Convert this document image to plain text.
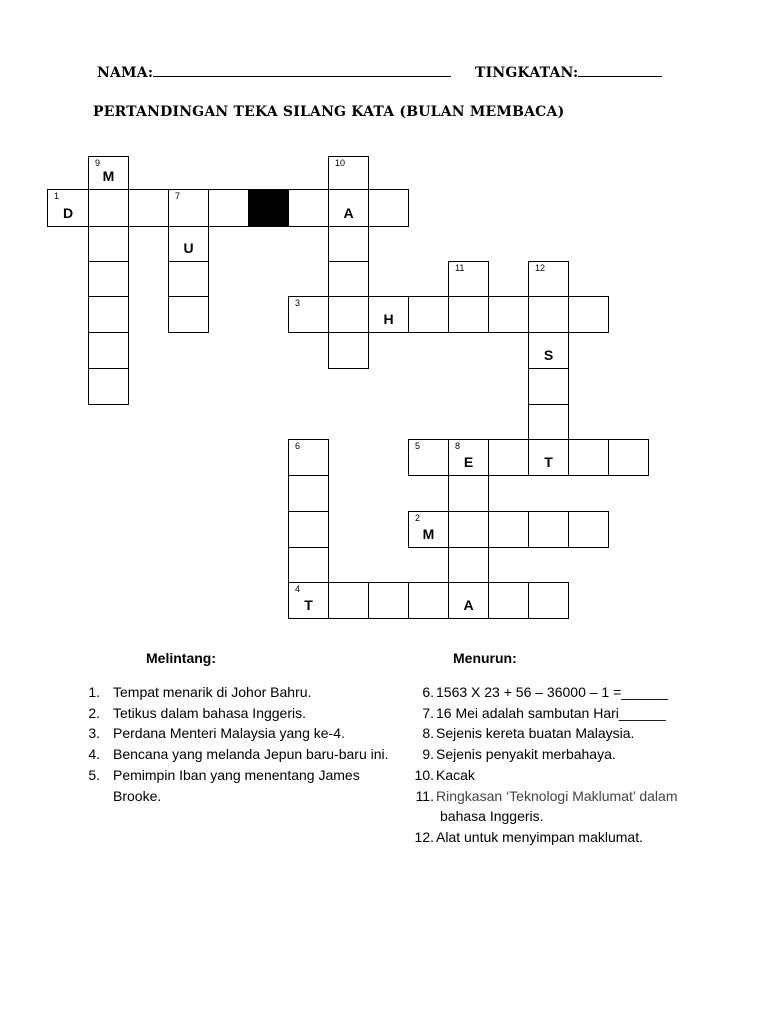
NAMA:	TINGKATAN:
PERTANDINGAN TEKA SILANG KATA (BULAN MEMBACA)
1
D
7
A
3
H
5	8
E	T
2
M
4
T	A
9
M
U
10
11	12
S
6
Melintang:	Menurun:
1. Tempat menarik di Johor Bahru.
2. Tetikus dalam bahasa Inggeris.
3. Perdana Menteri Malaysia yang ke-4.
4. Bencana yang melanda Jepun baru-baru ini.
5. Pemimpin Iban yang menentang James
Brooke.
6. 1563 X 23 + 56 – 36000 – 1 =______
7. 16 Mei adalah sambutan Hari______
8. Sejenis kereta buatan Malaysia.
9. Sejenis penyakit merbahaya.
10. Kacak
11. Ringkasan ‘Teknologi Maklumat’ dalam
bahasa Inggeris.
12. Alat untuk menyimpan maklumat.
